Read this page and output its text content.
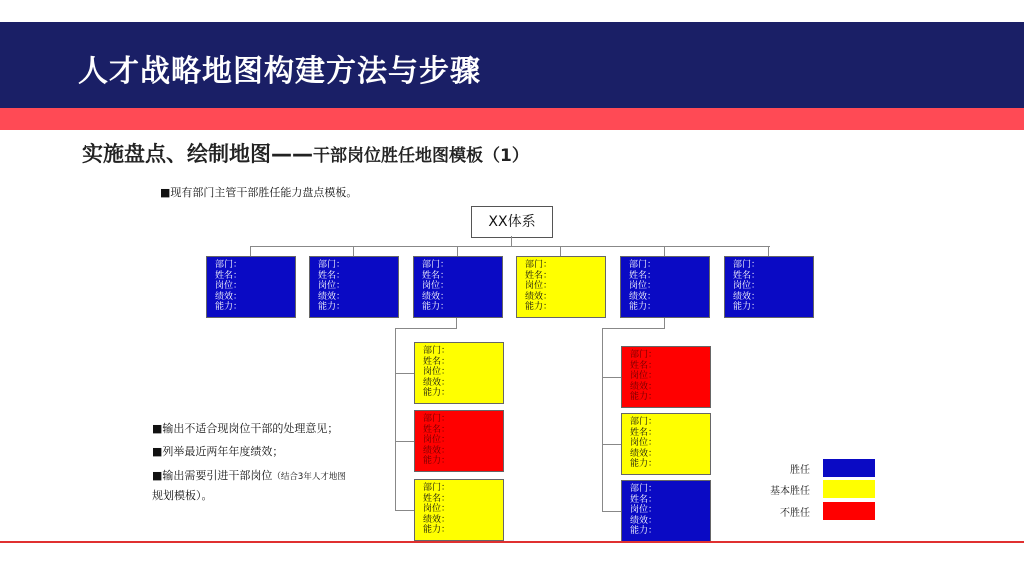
人才战略地图构建方法与步骤
实施盘点、绘制地图——干部岗位胜任地图模板（1）
■现有部门主管干部胜任能力盘点模板。
XX体系
部门：
姓名：
岗位：
绩效：
能力：
部门：
姓名：
岗位：
绩效：
能力：
部门：
姓名：
岗位：
绩效：
能力：
部门：
姓名：
岗位：
绩效：
能力：
部门：
姓名：
岗位：
绩效：
能力：
部门：
姓名：
岗位：
绩效：
能力：
部门：
姓名：
岗位：
绩效：
能力：
部门：
姓名：
岗位：
绩效：
能力：
部门：
姓名：
岗位：
绩效：
能力：
部门：
姓名：
岗位：
绩效：
能力：
部门：
姓名：
岗位：
绩效：
能力：
部门：
姓名：
岗位：
绩效：
能力：
■输出不适合现岗位干部的处理意见；
■列举最近两年年度绩效；
■输出需要引进干部岗位（结合3年人才地图
规划模板）。
胜任
基本胜任
不胜任
